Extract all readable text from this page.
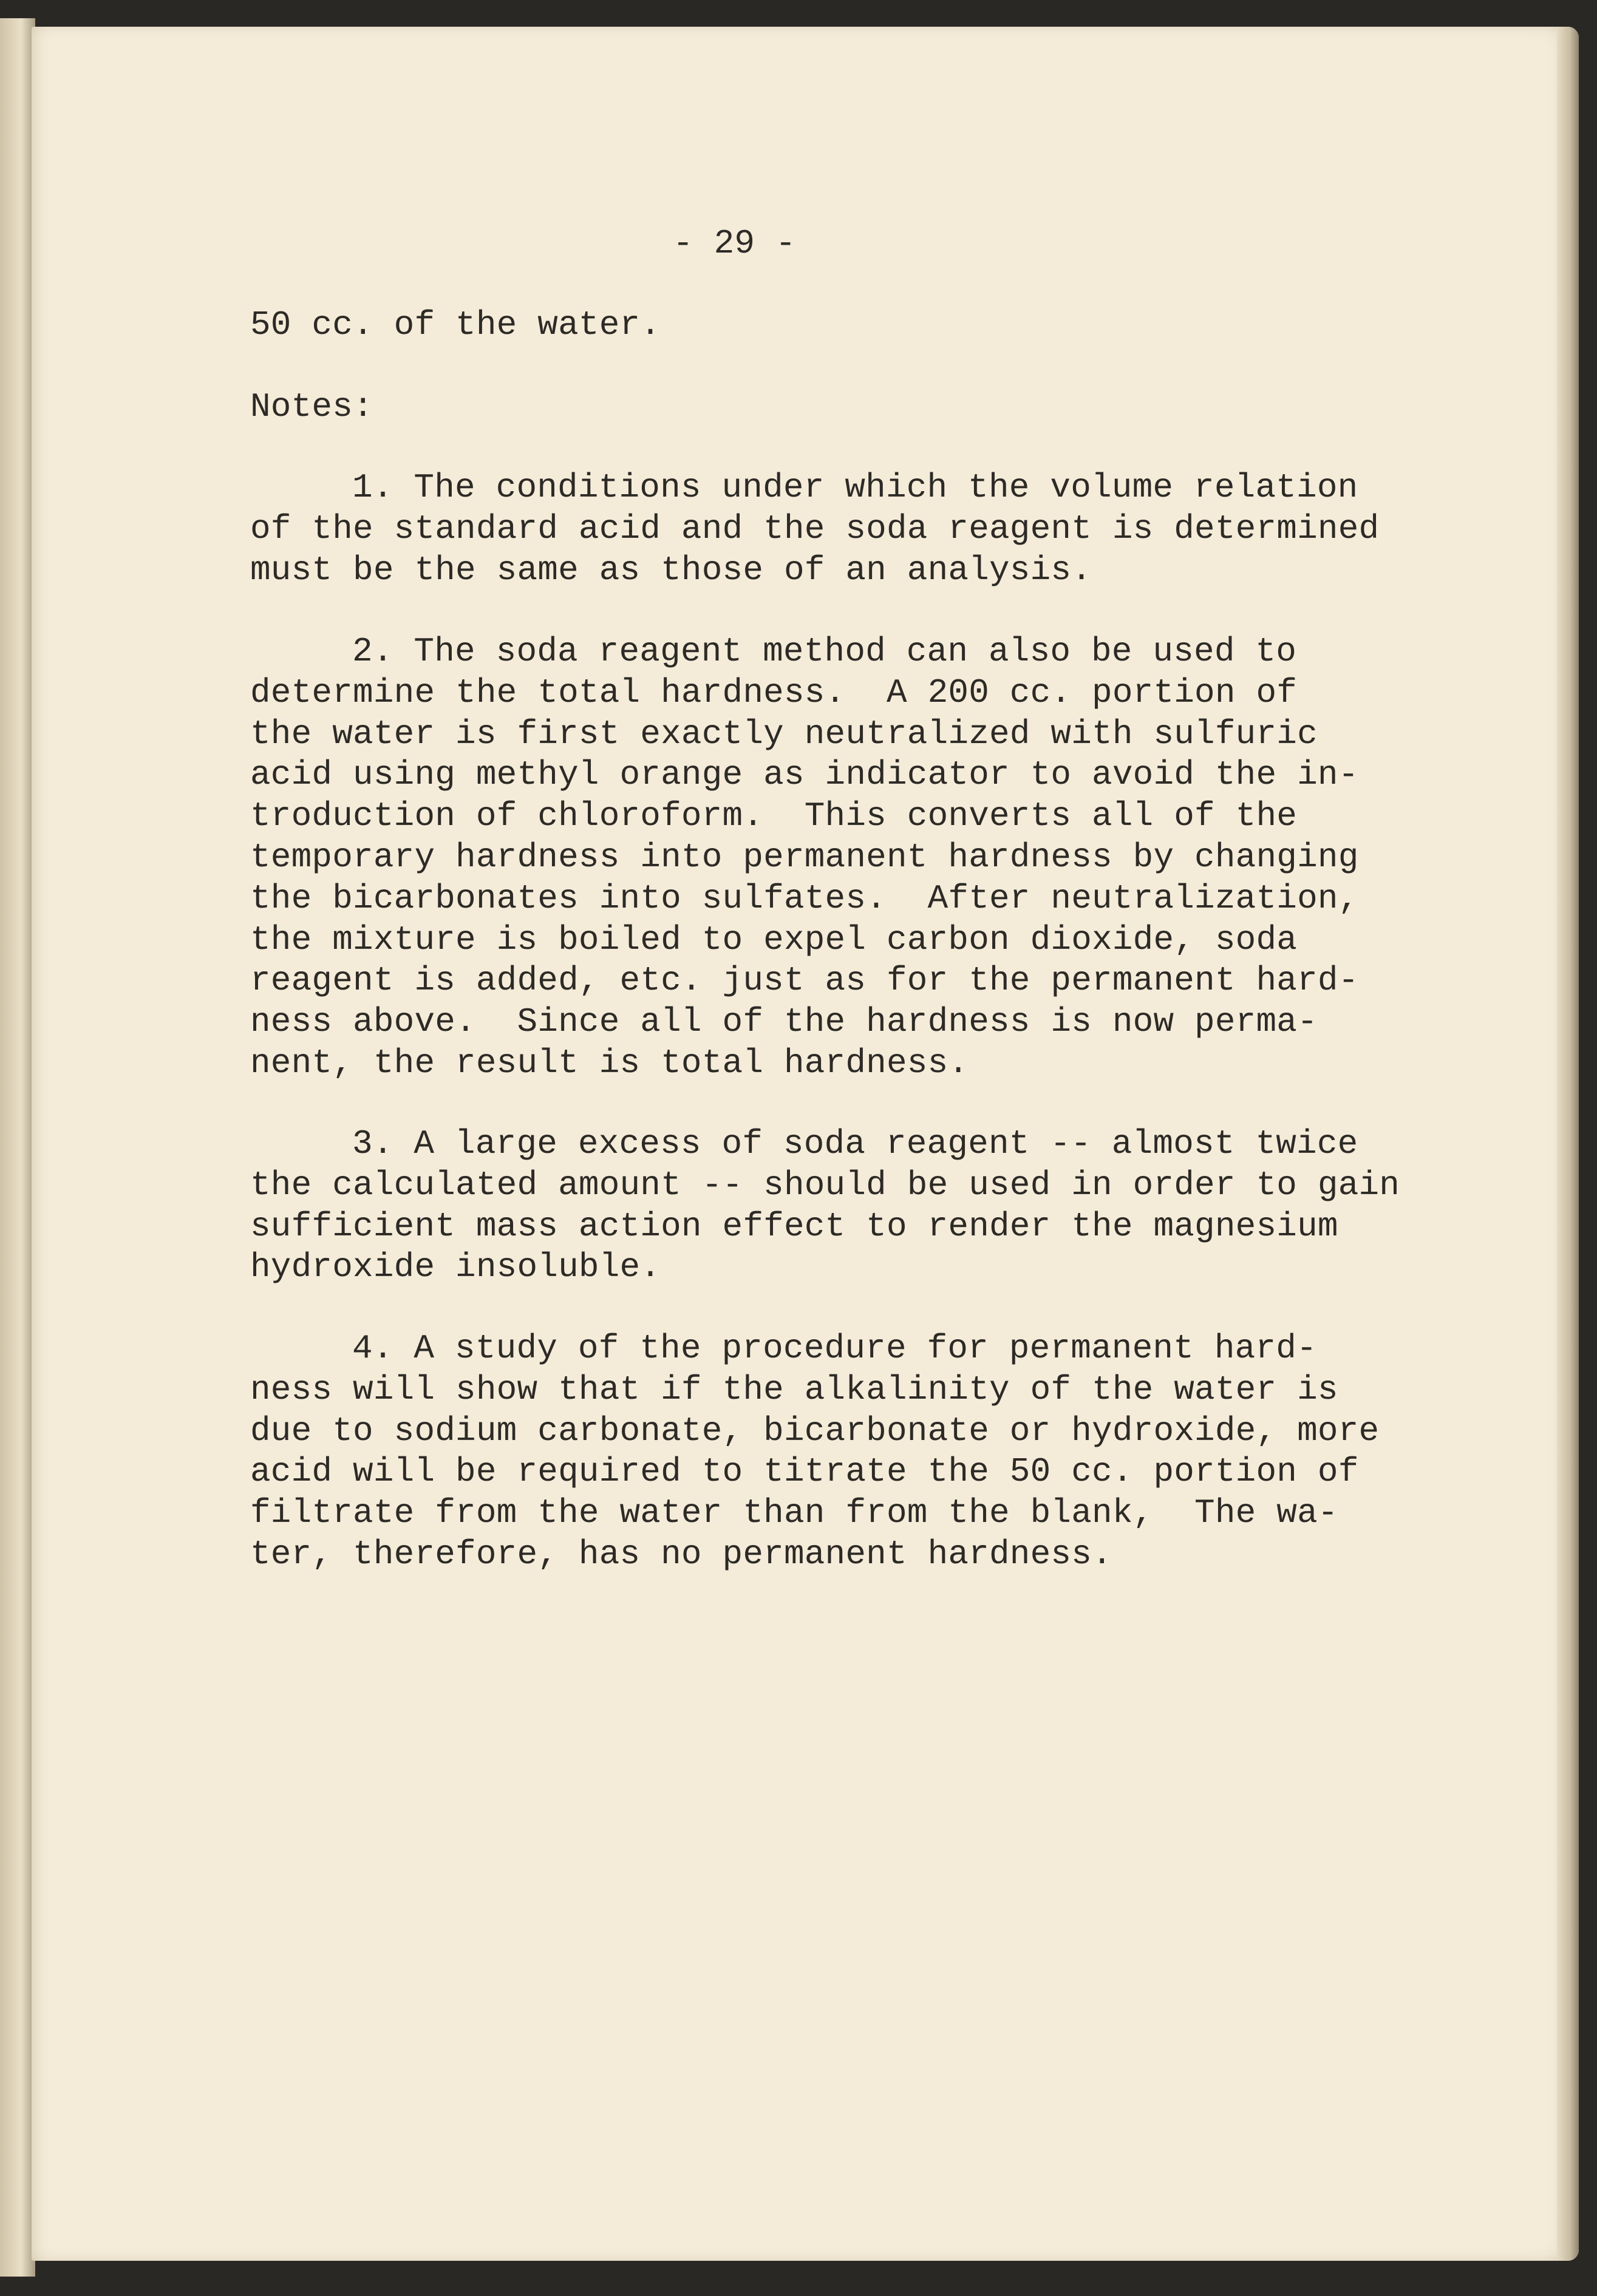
- 29 -
50 cc. of the water.
Notes:
1. The conditions under which the volume relation
of the standard acid and the soda reagent is determined
must be the same as those of an analysis.
2. The soda reagent method can also be used to
determine the total hardness.  A 200 cc. portion of
the water is first exactly neutralized with sulfuric
acid using methyl orange as indicator to avoid the in-
troduction of chloroform.  This converts all of the
temporary hardness into permanent hardness by changing
the bicarbonates into sulfates.  After neutralization,
the mixture is boiled to expel carbon dioxide, soda
reagent is added, etc. just as for the permanent hard-
ness above.  Since all of the hardness is now perma-
nent, the result is total hardness.
3. A large excess of soda reagent -- almost twice
the calculated amount -- should be used in order to gain
sufficient mass action effect to render the magnesium
hydroxide insoluble.
4. A study of the procedure for permanent hard-
ness will show that if the alkalinity of the water is
due to sodium carbonate, bicarbonate or hydroxide, more
acid will be required to titrate the 50 cc. portion of
filtrate from the water than from the blank,  The wa-
ter, therefore, has no permanent hardness.
